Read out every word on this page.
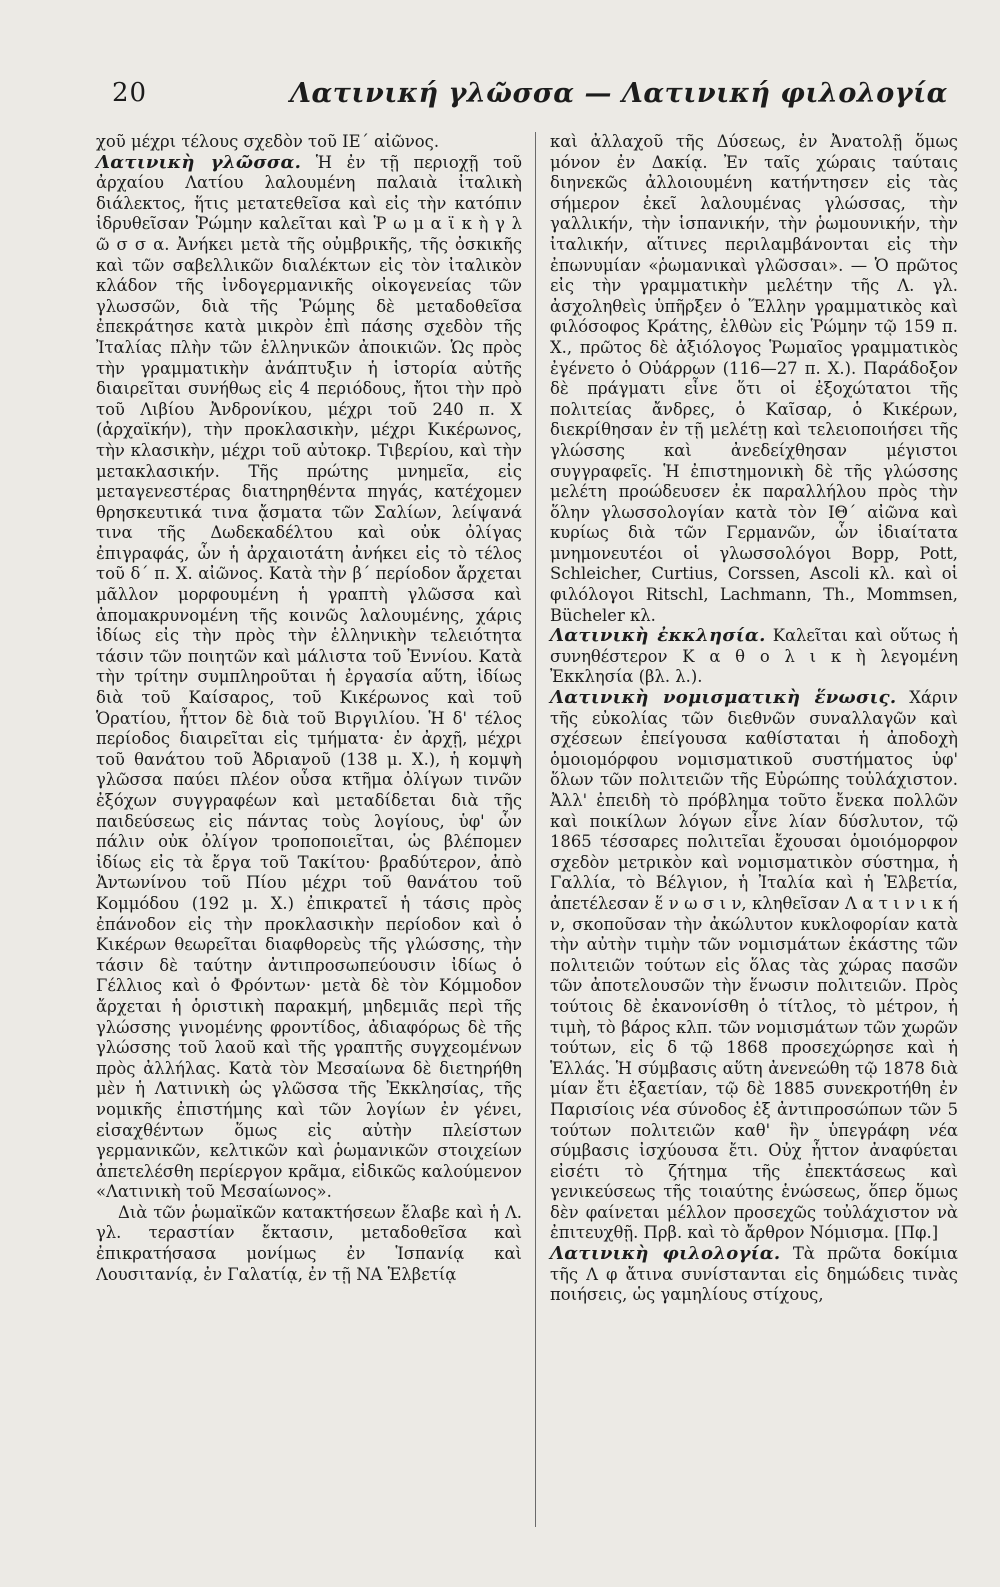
20	Λατινική γλῶσσα — Λατινική φιλολογία

χοῦ μέχρι τέλους σχεδὸν τοῦ ΙΕ΄ αἰῶνος.

Λατινικὴ γλῶσσα. Ἡ ἐν τῇ περιοχῇ τοῦ ἀρχαίου Λατίου λαλουμένη παλαιὰ ἰταλικὴ διάλεκτος, ἥτις μετατεθεῖσα καὶ εἰς τὴν κατόπιν ἱδρυθεῖσαν Ῥώμην καλεῖται καὶ Ῥ ω μ α ϊ κ ὴ γ λ ῶ σ σ α. Ἀνήκει μετὰ τῆς οὐμβρικῆς, τῆς ὀσκικῆς καὶ τῶν σαβελλικῶν διαλέκτων εἰς τὸν ἰταλικὸν κλάδον τῆς ἰνδογερμανικῆς οἰκογενείας τῶν γλωσσῶν, διὰ τῆς Ῥώμης δὲ μεταδοθεῖσα ἐπεκράτησε κατὰ μικρὸν ἐπὶ πάσης σχεδὸν τῆς Ἰταλίας πλὴν τῶν ἑλληνικῶν ἀποικιῶν. Ὡς πρὸς τὴν γραμματικὴν ἀνάπτυξιν ἡ ἱστορία αὐτῆς διαιρεῖται συνήθως εἰς 4 περιόδους, ἤτοι τὴν πρὸ τοῦ Λιβίου Ἀνδρονίκου, μέχρι τοῦ 240 π. Χ (ἀρχαϊκήν), τὴν προκλασικὴν, μέχρι Κικέρωνος, τὴν κλασικὴν, μέχρι τοῦ αὐτοκρ. Τιβερίου, καὶ τὴν μετακλασικήν. Τῆς πρώτης μνημεῖα, εἰς μεταγενεστέρας διατηρηθέντα πηγάς, κατέχομεν θρησκευτικά τινα ᾄσματα τῶν Σαλίων, λείψανά τινα τῆς Δωδεκαδέλτου καὶ οὐκ ὀλίγας ἐπιγραφάς, ὧν ἡ ἀρχαιοτάτη ἀνήκει εἰς τὸ τέλος τοῦ δ΄ π. Χ. αἰῶνος. Κατὰ τὴν β΄ περίοδον ἄρχεται μᾶλλον μορφουμένη ἡ γραπτὴ γλῶσσα καὶ ἀπομακρυνομένη τῆς κοινῶς λαλουμένης, χάρις ἰδίως εἰς τὴν πρὸς τὴν ἑλληνικὴν τελειότητα τάσιν τῶν ποιητῶν καὶ μάλιστα τοῦ Ἐννίου. Κατὰ τὴν τρίτην συμπληροῦται ἡ ἐργασία αὕτη, ἰδίως διὰ τοῦ Καίσαρος, τοῦ Κικέρωνος καὶ τοῦ Ὁρατίου, ἧττον δὲ διὰ τοῦ Βιργιλίου. Ἡ δ' τέλος περίοδος διαιρεῖται εἰς τμήματα· ἐν ἀρχῇ, μέχρι τοῦ θανάτου τοῦ Ἀδριανοῦ (138 μ. Χ.), ἡ κομψὴ γλῶσσα παύει πλέον οὖσα κτῆμα ὀλίγων τινῶν ἐξόχων συγγραφέων καὶ μεταδίδεται διὰ τῆς παιδεύσεως εἰς πάντας τοὺς λογίους, ὑφ' ὧν πάλιν οὐκ ὀλίγον τροποποιεῖται, ὡς βλέπομεν ἰδίως εἰς τὰ ἔργα τοῦ Τακίτου· βραδύτερον, ἀπὸ Ἀντωνίνου τοῦ Πίου μέχρι τοῦ θανάτου τοῦ Κομμόδου (192 μ. Χ.) ἐπικρατεῖ ἡ τάσις πρὸς ἐπάνοδον εἰς τὴν προκλασικὴν περίοδον καὶ ὁ Κικέρων θεωρεῖται διαφθορεὺς τῆς γλώσσης, τὴν τάσιν δὲ ταύτην ἀντιπροσωπεύουσιν ἰδίως ὁ Γέλλιος καὶ ὁ Φρόντων· μετὰ δὲ τὸν Κόμμοδον ἄρχεται ἡ ὁριστικὴ παρακμή, μηδεμιᾶς περὶ τῆς γλώσσης γινομένης φροντίδος, ἀδιαφόρως δὲ τῆς γλώσσης τοῦ λαοῦ καὶ τῆς γραπτῆς συγχεομένων πρὸς ἀλλήλας. Κατὰ τὸν Μεσαίωνα δὲ διετηρήθη μὲν ἡ Λατινικὴ ὡς γλῶσσα τῆς Ἐκκλησίας, τῆς νομικῆς ἐπιστήμης καὶ τῶν λογίων ἐν γένει, εἰσαχθέντων ὅμως εἰς αὐτὴν πλείστων γερμανικῶν, κελτικῶν καὶ ῥωμανικῶν στοιχείων ἀπετελέσθη περίεργον κρᾶμα, εἰδικῶς καλούμενον «Λατινικὴ τοῦ Μεσαίωνος».

Διὰ τῶν ῥωμαϊκῶν κατακτήσεων ἔλαβε καὶ ἡ Λ. γλ. τεραστίαν ἔκτασιν, μεταδοθεῖσα καὶ ἐπικρατήσασα μονίμως ἐν Ἱσπανίᾳ καὶ Λουσιτανίᾳ, ἐν Γαλατίᾳ, ἐν τῇ ΝΑ Ἑλβετίᾳ

καὶ ἀλλαχοῦ τῆς Δύσεως, ἐν Ἀνατολῇ ὅμως μόνον ἐν Δακίᾳ. Ἐν ταῖς χώραις ταύταις διηνεκῶς ἀλλοιουμένη κατήντησεν εἰς τὰς σήμερον ἐκεῖ λαλουμένας γλώσσας, τὴν γαλλικήν, τὴν ἱσπανικήν, τὴν ῥωμουνικήν, τὴν ἰταλικήν, αἵτινες περιλαμβάνονται εἰς τὴν ἐπωνυμίαν «ῥωμανικαὶ γλῶσσαι». — Ὁ πρῶτος εἰς τὴν γραμματικὴν μελέτην τῆς Λ. γλ. ἀσχοληθεὶς ὑπῆρξεν ὁ Ἕλλην γραμματικὸς καὶ φιλόσοφος Κράτης, ἐλθὼν εἰς Ῥώμην τῷ 159 π. Χ., πρῶτος δὲ ἀξιόλογος Ῥωμαῖος γραμματικὸς ἐγένετο ὁ Οὐάρρων (116—27 π. Χ.). Παράδοξον δὲ πράγματι εἶνε ὅτι οἱ ἐξοχώτατοι τῆς πολιτείας ἄνδρες, ὁ Καῖσαρ, ὁ Κικέρων, διεκρίθησαν ἐν τῇ μελέτῃ καὶ τελειοποιήσει τῆς γλώσσης καὶ ἀνεδείχθησαν μέγιστοι συγγραφεῖς. Ἡ ἐπιστημονικὴ δὲ τῆς γλώσσης μελέτη προώδευσεν ἐκ παραλλήλου πρὸς τὴν ὅλην γλωσσολογίαν κατὰ τὸν ΙΘ΄ αἰῶνα καὶ κυρίως διὰ τῶν Γερμανῶν, ὧν ἰδιαίτατα μνημονευτέοι οἱ γλωσσολόγοι Bopp, Pott, Schleicher, Curtius, Corssen, Ascoli κλ. καὶ οἱ φιλόλογοι Ritschl, Lachmann, Th., Mommsen, Bücheler κλ.

Λατινικὴ ἐκκλησία. Καλεῖται καὶ οὕτως ἡ συνηθέστερον Κ α θ ο λ ι κ ὴ λεγομένη Ἐκκλησία (βλ. λ.).

Λατινικὴ νομισματικὴ ἕνωσις. Χάριν τῆς εὐκολίας τῶν διεθνῶν συναλλαγῶν καὶ σχέσεων ἐπείγουσα καθίσταται ἡ ἀποδοχὴ ὁμοιομόρφου νομισματικοῦ συστήματος ὑφ' ὅλων τῶν πολιτειῶν τῆς Εὐρώπης τοὐλάχιστον. Ἀλλ' ἐπειδὴ τὸ πρόβλημα τοῦτο ἔνεκα πολλῶν καὶ ποικίλων λόγων εἶνε λίαν δύσλυτον, τῷ 1865 τέσσαρες πολιτεῖαι ἔχουσαι ὁμοιόμορφον σχεδὸν μετρικὸν καὶ νομισματικὸν σύστημα, ἡ Γαλλία, τὸ Βέλγιον, ἡ Ἰταλία καὶ ἡ Ἑλβετία, ἀπετέλεσαν ἕ ν ω σ ι ν, κληθεῖσαν Λ α τ ι ν ι κ ή ν, σκοποῦσαν τὴν ἀκώλυτον κυκλοφορίαν κατὰ τὴν αὐτὴν τιμὴν τῶν νομισμάτων ἑκάστης τῶν πολιτειῶν τούτων εἰς ὅλας τὰς χώρας πασῶν τῶν ἀποτελουσῶν τὴν ἕνωσιν πολιτειῶν. Πρὸς τούτοις δὲ ἐκανονίσθη ὁ τίτλος, τὸ μέτρον, ἡ τιμὴ, τὸ βάρος κλπ. τῶν νομισμάτων τῶν χωρῶν τούτων, εἰς δ τῷ 1868 προσεχώρησε καὶ ἡ Ἑλλάς. Ἡ σύμβασις αὕτη ἀνενεώθη τῷ 1878 διὰ μίαν ἔτι ἑξαετίαν, τῷ δὲ 1885 συνεκροτήθη ἐν Παρισίοις νέα σύνοδος ἐξ ἀντιπροσώπων τῶν 5 τούτων πολιτειῶν καθ' ἣν ὑπεγράφη νέα σύμβασις ἰσχύουσα ἔτι. Οὐχ ἧττον ἀναφύεται εἰσέτι τὸ ζήτημα τῆς ἐπεκτάσεως καὶ γενικεύσεως τῆς τοιαύτης ἑνώσεως, ὅπερ ὅμως δὲν φαίνεται μέλλον προσεχῶς τοὐλάχιστον νὰ ἐπιτευχθῇ. Πρβ. καὶ τὸ ἄρθρον Νόμισμα. [Πφ.]

Λατινικὴ φιλολογία. Τὰ πρῶτα δοκίμια τῆς Λ φ ἄτινα συνίστανται εἰς δημώδεις τινὰς ποιήσεις, ὡς γαμηλίους στίχους,
